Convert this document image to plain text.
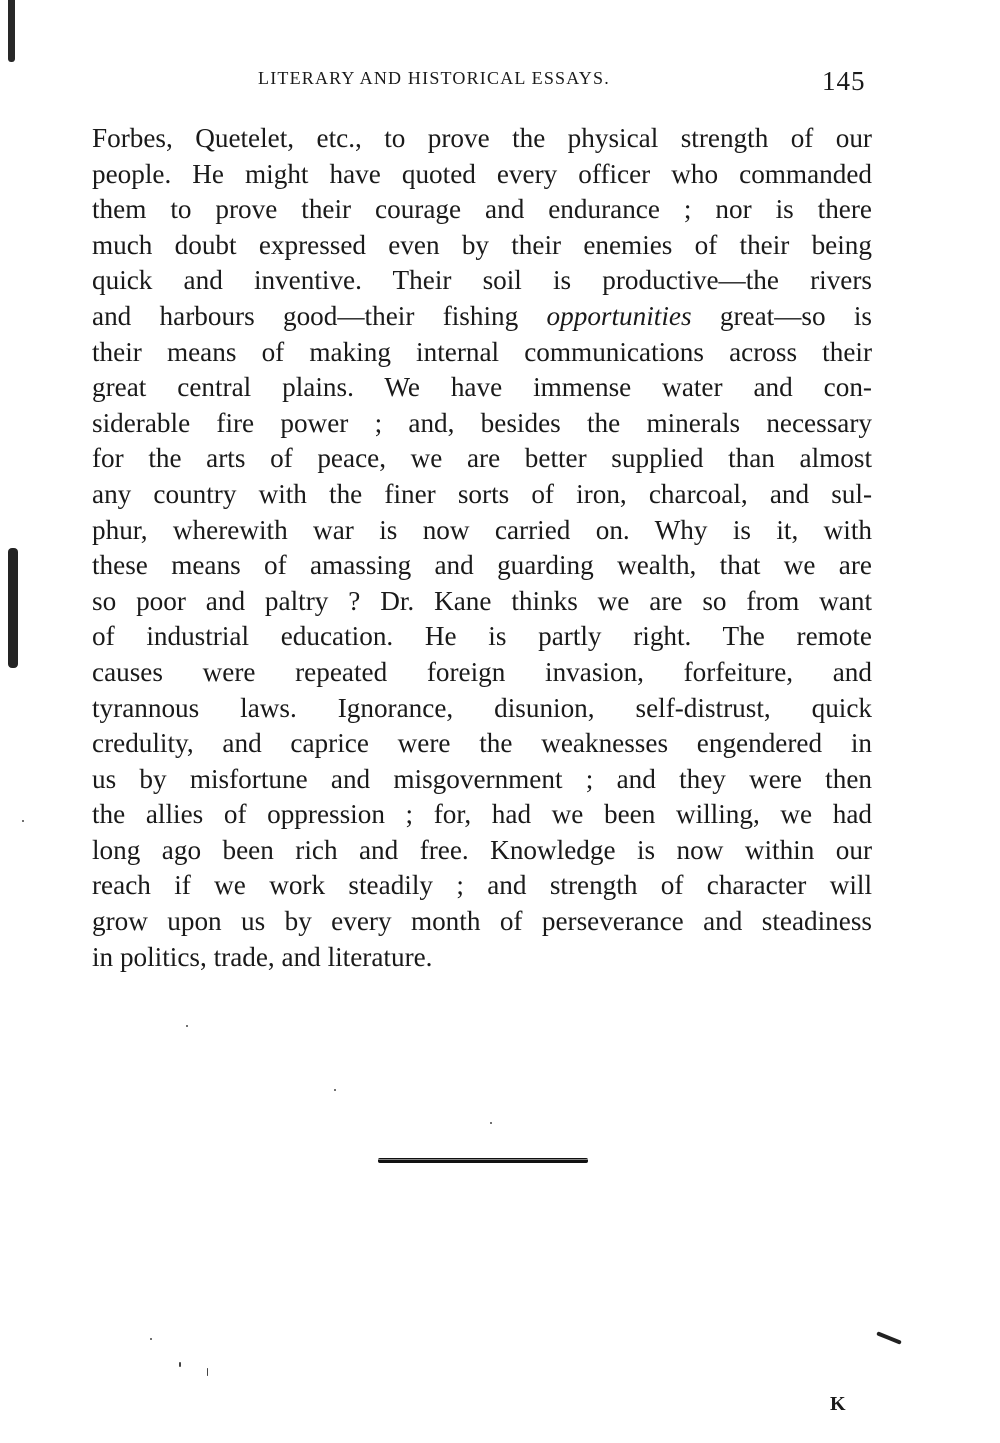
LITERARY AND HISTORICAL ESSAYS.	145
Forbes, Quetelet, etc., to prove the physical strength of our
people. He might have quoted every officer who commanded
them to prove their courage and endurance ; nor is there
much doubt expressed even by their enemies of their being
quick and inventive. Their soil is productive—the rivers
and harbours good—their fishing opportunities great—so is
their means of making internal communications across their
great central plains. We have immense water and con-
siderable fire power ; and, besides the minerals necessary
for the arts of peace, we are better supplied than almost
any country with the finer sorts of iron, charcoal, and sul-
phur, wherewith war is now carried on. Why is it, with
these means of amassing and guarding wealth, that we are
so poor and paltry ? Dr. Kane thinks we are so from want
of industrial education. He is partly right. The remote
causes were repeated foreign invasion, forfeiture, and
tyrannous laws. Ignorance, disunion, self-distrust, quick
credulity, and caprice were the weaknesses engendered in
us by misfortune and misgovernment ; and they were then
the allies of oppression ; for, had we been willing, we had
long ago been rich and free. Knowledge is now within our
reach if we work steadily ; and strength of character will
grow upon us by every month of perseverance and steadiness
in politics, trade, and literature.
K
